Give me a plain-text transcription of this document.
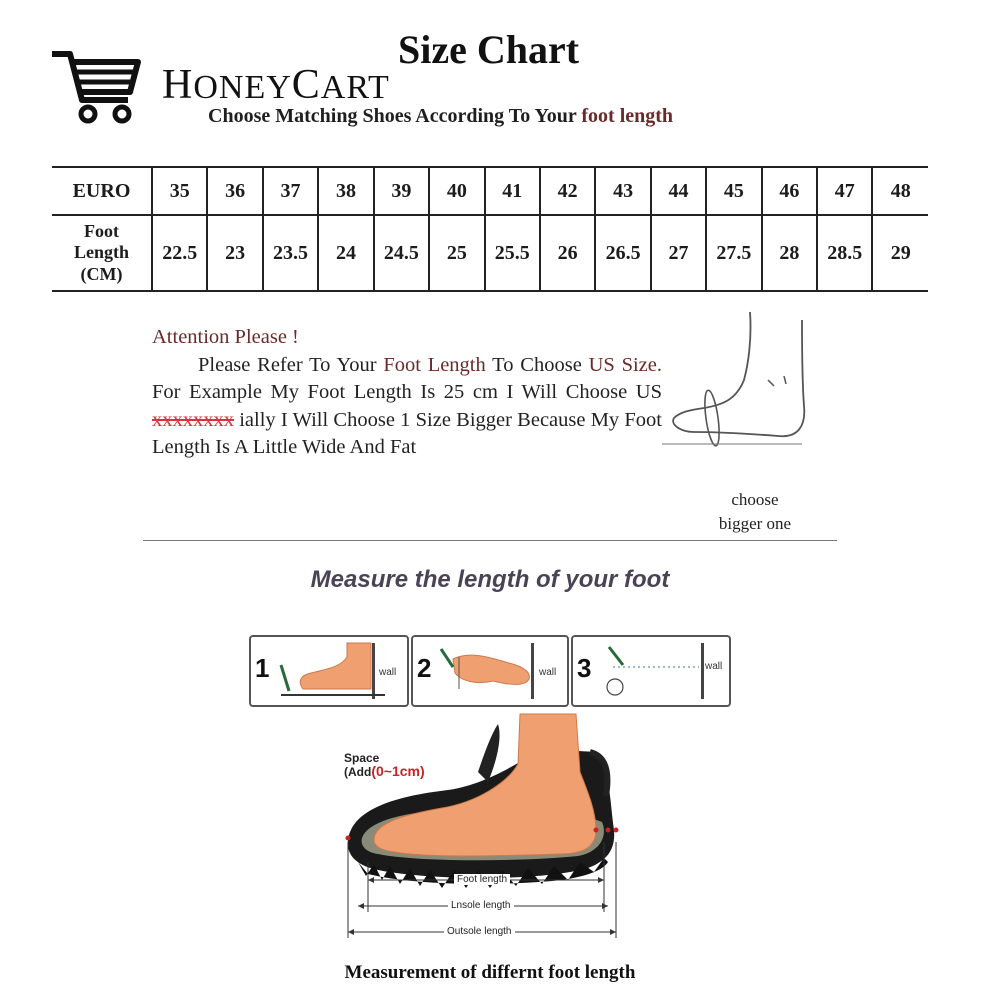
HONEYCART
Size Chart
Choose Matching Shoes According To Your foot length
EURO	35	36	37	38	39	40	41	42	43	44	45	46	47	48
Foot
Length
(CM)	22.5	23	23.5	24	24.5	25	25.5	26	26.5	27	27.5	28	28.5	29
Attention Please !

Please Refer To Your Foot Length To Choose US Size. For Example My Foot Length Is 25 cm I Will Choose US xxxxxxxx ially I Will Choose 1 Size Bigger Because My Foot Length Is A Little Wide And Fat

choose
bigger one
Measure the length of your foot
1	wall 2	wall 3	wall
Space
(Add(0~1cm)
Foot length
Lnsole length
Outsole length
Measurement of differnt foot length
